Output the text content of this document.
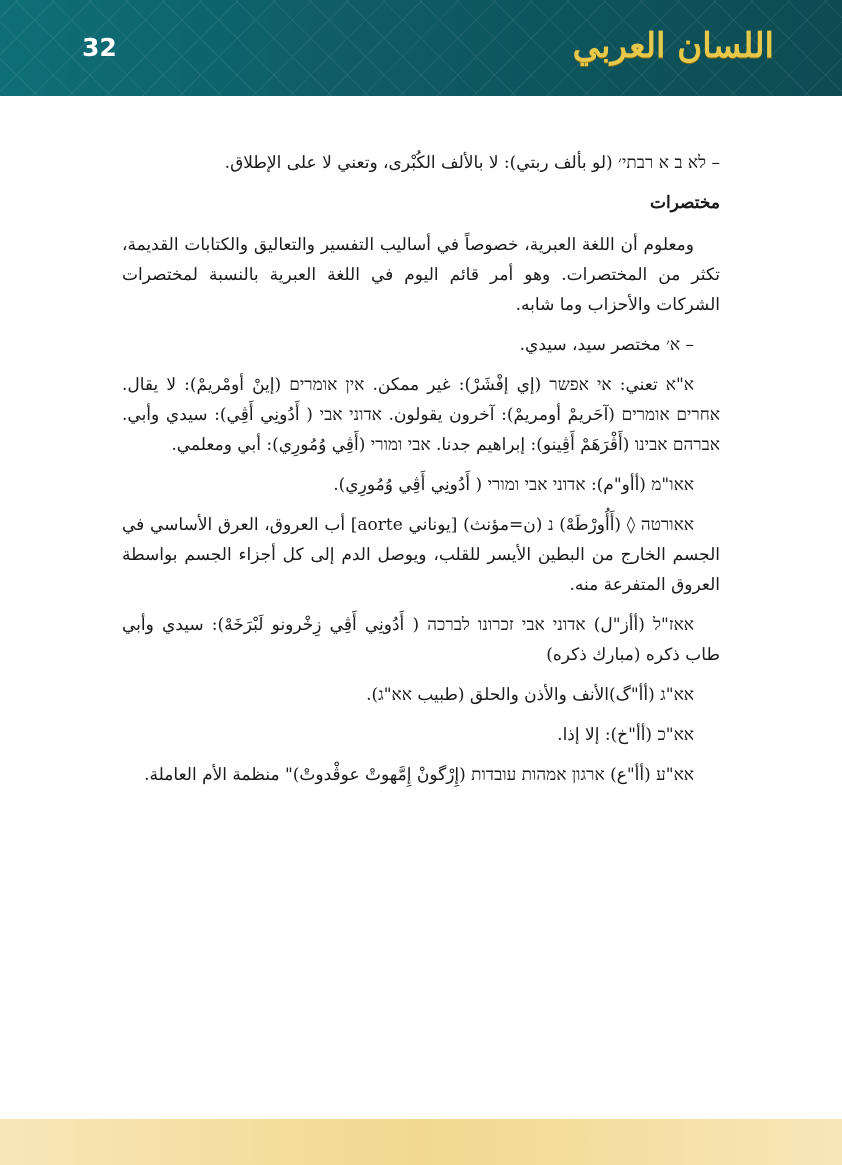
32	اللسان العربي

– לא ב א רבתי׳ (لو بألف ربتي): لا بالألف الكُبْرى، وتعني لا على الإطلاق.

مختصرات

ومعلوم أن اللغة العبرية، خصوصاً في أساليب التفسير والتعاليق والكتابات القديمة، تكثر من المختصرات. وهو أمر قائم اليوم في اللغة العبرية بالنسبة لمختصرات الشركات والأحزاب وما شابه.

– א׳ مختصر سيد، سيدي.

א"א تعني: אי אפשר (إي إفْشَرْ): غير ممكن. אין אומרים (إينْ أومْريمْ): لا يقال. אחרים אומרים (آحَريمْ أومريمْ): آخرون يقولون. אדוני אבי ( أَدُونِي أَڤِي): سيدي وأبي. אברהם אבינו (أَڤْرَهَمْ أَڤِينو): إبراهيم جدنا. אבי ומורי (أَڤِي وُمُورِي): أبي ومعلمي.

אאו"מ (أأو"م): אדוני אבי ומורי ( أَدُونِي أَڤِي وُمُورِي).

אאורטה ◊ (أَأُورْطَهْ) נ (ن=مؤنث) [يوناني aorte] أب العروق، العرق الأساسي في الجسم الخارج من البطين الأيسر للقلب، ويوصل الدم إلى كل أجزاء الجسم بواسطة العروق المتفرعة منه.

אאז"ל (أأز"ل) אדוני אבי זכרונו לברכה ( أَدُونِي أَڤِي زِخْرونو لَبْرَخَهْ): سيدي وأبي طاب ذكره (مبارك ذكره)

אא"ג (أأ"گ)الأنف والأذن والحلق (طبيب אא"ג).

אא"כ (أأ"خ): إلا إذا.

אא"ע (أأ"ع) ארגון אמהות עובדות (إِرْگونْ إِمَّهوتْ عوڤْدوتْ)" منظمة الأم العاملة.
